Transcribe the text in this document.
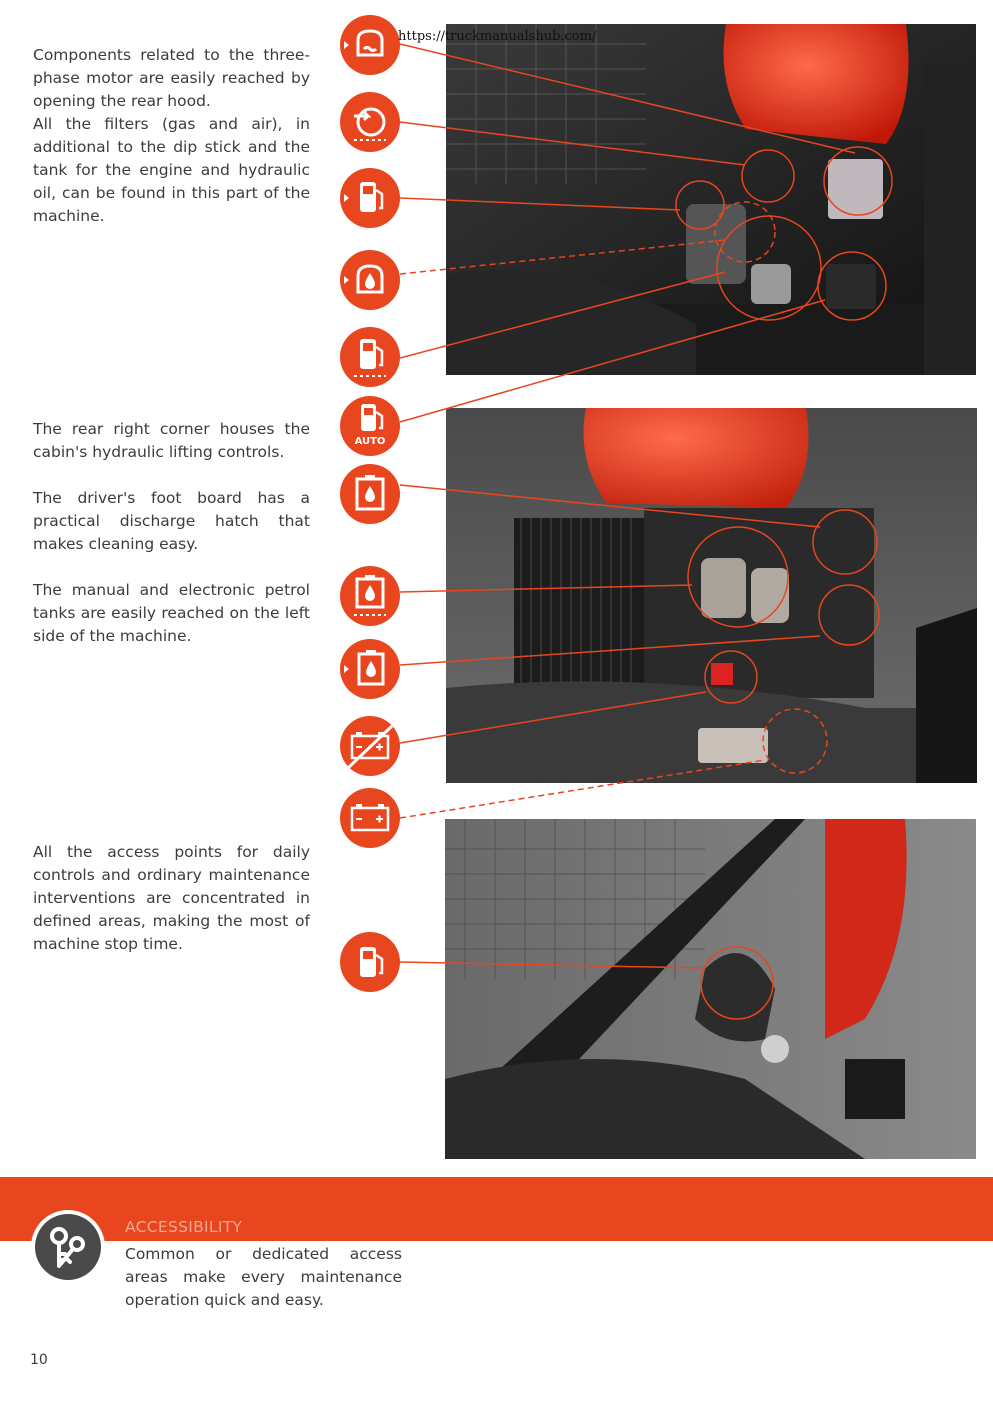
https://truckmanualshub.com/

Components related to the three-phase motor are easily reached by opening the rear hood.

All the filters (gas and air), in additional to the dip stick and the tank for the engine and hydraulic oil, can be found in this part of the machine.

The rear right corner houses the cabin's hydraulic lifting controls.

The driver's foot board has a practical discharge hatch that makes cleaning easy.

The manual and electronic petrol tanks are easily reached on the left side of the machine.

All the access points for daily controls and ordinary maintenance interventions are concentrated in defined areas, making the most of machine stop time.

AUTO
ACCESSIBILITY
Common or dedicated access areas make every maintenance operation quick and easy.
10
